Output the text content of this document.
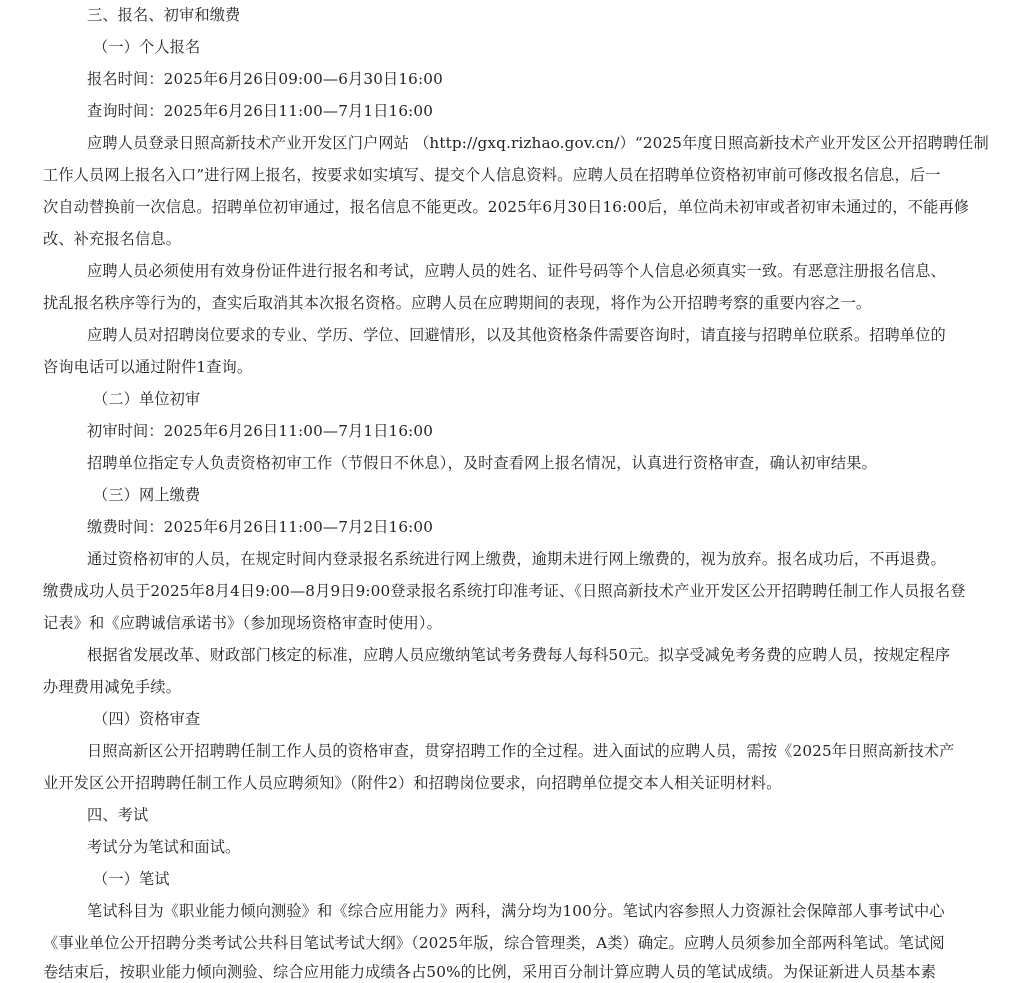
三、报名、初审和缴费
（一）个人报名
报名时间：2025年6月26日09:00—6月30日16:00
查询时间：2025年6月26日11:00—7月1日16:00
应聘人员登录日照高新技术产业开发区门户网站 （http://gxq.rizhao.gov.cn/）“2025年度日照高新技术产业开发区公开招聘聘任制
工作人员网上报名入口”进行网上报名，按要求如实填写、提交个人信息资料。应聘人员在招聘单位资格初审前可修改报名信息，后一
次自动替换前一次信息。招聘单位初审通过，报名信息不能更改。2025年6月30日16:00后，单位尚未初审或者初审未通过的，不能再修
改、补充报名信息。
应聘人员必须使用有效身份证件进行报名和考试，应聘人员的姓名、证件号码等个人信息必须真实一致。有恶意注册报名信息、
扰乱报名秩序等行为的，查实后取消其本次报名资格。应聘人员在应聘期间的表现，将作为公开招聘考察的重要内容之一。
应聘人员对招聘岗位要求的专业、学历、学位、回避情形，以及其他资格条件需要咨询时，请直接与招聘单位联系。招聘单位的
咨询电话可以通过附件1查询。
（二）单位初审
初审时间：2025年6月26日11:00—7月1日16:00
招聘单位指定专人负责资格初审工作（节假日不休息），及时查看网上报名情况，认真进行资格审查，确认初审结果。
（三）网上缴费
缴费时间：2025年6月26日11:00—7月2日16:00
通过资格初审的人员，在规定时间内登录报名系统进行网上缴费，逾期未进行网上缴费的，视为放弃。报名成功后，不再退费。
缴费成功人员于2025年8月4日9:00—8月9日9:00登录报名系统打印准考证、《日照高新技术产业开发区公开招聘聘任制工作人员报名登
记表》和《应聘诚信承诺书》（参加现场资格审查时使用）。
根据省发展改革、财政部门核定的标准，应聘人员应缴纳笔试考务费每人每科50元。拟享受减免考务费的应聘人员，按规定程序
办理费用减免手续。
（四）资格审查
日照高新区公开招聘聘任制工作人员的资格审查，贯穿招聘工作的全过程。进入面试的应聘人员，需按《2025年日照高新技术产
业开发区公开招聘聘任制工作人员应聘须知》（附件2）和招聘岗位要求，向招聘单位提交本人相关证明材料。
四、考试
考试分为笔试和面试。
（一）笔试
笔试科目为《职业能力倾向测验》和《综合应用能力》两科，满分均为100分。笔试内容参照人力资源社会保障部人事考试中心
《事业单位公开招聘分类考试公共科目笔试考试大纲》（2025年版，综合管理类，A类）确定。应聘人员须参加全部两科笔试。笔试阅
卷结束后，按职业能力倾向测验、综合应用能力成绩各占50%的比例，采用百分制计算应聘人员的笔试成绩。为保证新进人员基本素
